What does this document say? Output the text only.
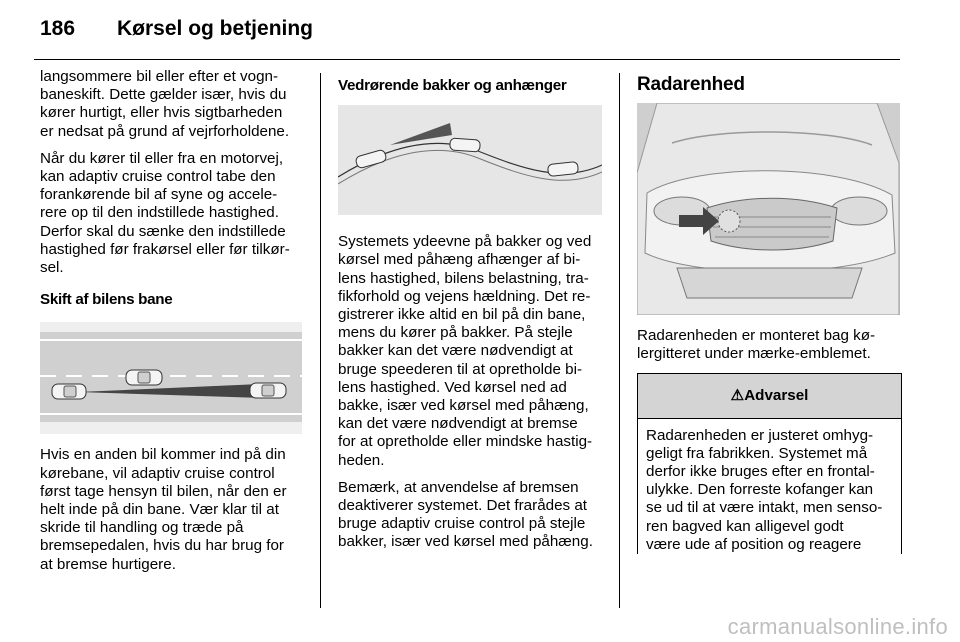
186 Kørsel og betjening

langsommere bil eller efter et vogn-
baneskift. Dette gælder især, hvis du
kører hurtigt, eller hvis sigtbarheden
er nedsat på grund af vejrforholdene.

Når du kører til eller fra en motorvej,
kan adaptiv cruise control tabe den
forankørende bil af syne og accele-
rere op til den indstillede hastighed.
Derfor skal du sænke den indstillede
hastighed før frakørsel eller før tilkør-
sel.

Skift af bilens bane

Hvis en anden bil kommer ind på din
kørebane, vil adaptiv cruise control
først tage hensyn til bilen, når den er
helt inde på din bane. Vær klar til at
skride til handling og træde på
bremsepedalen, hvis du har brug for
at bremse hurtigere.

Vedrørende bakker og anhænger

Systemets ydeevne på bakker og ved
kørsel med påhæng afhænger af bi-
lens hastighed, bilens belastning, tra-
fikforhold og vejens hældning. Det re-
gistrerer ikke altid en bil på din bane,
mens du kører på bakker. På stejle
bakker kan det være nødvendigt at
bruge speederen til at opretholde bi-
lens hastighed. Ved kørsel ned ad
bakke, især ved kørsel med påhæng,
kan det være nødvendigt at bremse
for at opretholde eller mindske hastig-
heden.

Bemærk, at anvendelse af bremsen
deaktiverer systemet. Det frarådes at
bruge adaptiv cruise control på stejle
bakker, især ved kørsel med påhæng.

Radarenhed

Radarenheden er monteret bag kø-
lergitteret under mærke-emblemet.

⚠Advarsel
Radarenheden er justeret omhyg-
geligt fra fabrikken. Systemet må
derfor ikke bruges efter en frontal-
ulykke. Den forreste kofanger kan
se ud til at være intakt, men senso-
ren bagved kan alligevel godt
være ude af position og reagere
carmanualsonline.info
